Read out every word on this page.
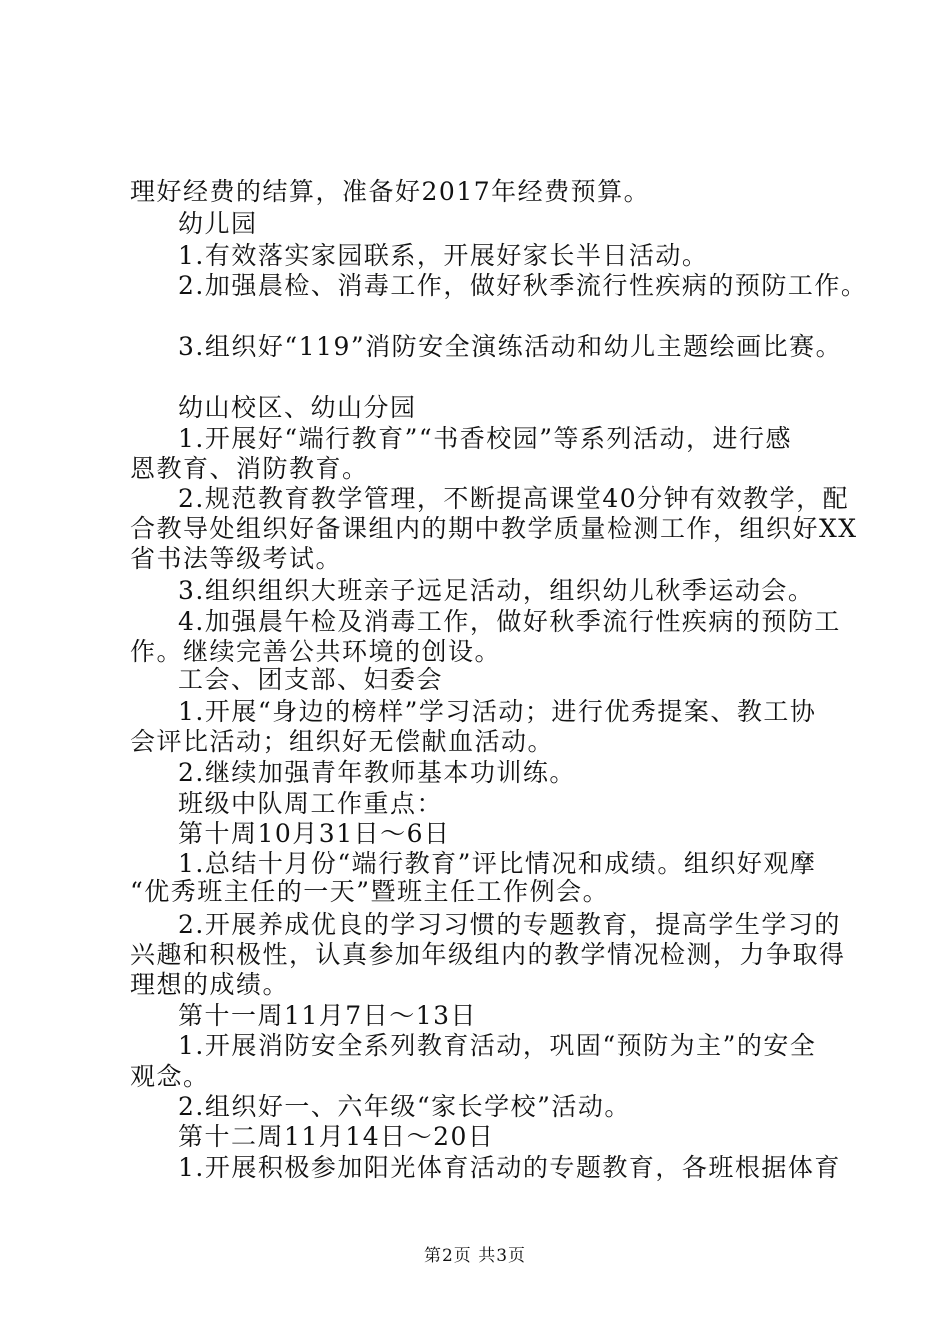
理好经费的结算，准备好2017年经费预算。
幼儿园
1.有效落实家园联系，开展好家长半日活动。
2.加强晨检、消毒工作，做好秋季流行性疾病的预防工作。
3.组织好“119”消防安全演练活动和幼儿主题绘画比赛。
幼山校区、幼山分园
1.开展好“端行教育”“书香校园”等系列活动，进行感
恩教育、消防教育。
2.规范教育教学管理，不断提高课堂40分钟有效教学，配
合教导处组织好备课组内的期中教学质量检测工作，组织好XX
省书法等级考试。
3.组织组织大班亲子远足活动，组织幼儿秋季运动会。
4.加强晨午检及消毒工作，做好秋季流行性疾病的预防工
作。继续完善公共环境的创设。
工会、团支部、妇委会
1.开展“身边的榜样”学习活动；进行优秀提案、教工协
会评比活动；组织好无偿献血活动。
2.继续加强青年教师基本功训练。
班级中队周工作重点：
第十周10月31日～6日
1.总结十月份“端行教育”评比情况和成绩。组织好观摩
“优秀班主任的一天”暨班主任工作例会。
2.开展养成优良的学习习惯的专题教育，提高学生学习的
兴趣和积极性，认真参加年级组内的教学情况检测，力争取得
理想的成绩。
第十一周11月7日～13日
1.开展消防安全系列教育活动，巩固“预防为主”的安全
观念。
2.组织好一、六年级“家长学校”活动。
第十二周11月14日～20日
1.开展积极参加阳光体育活动的专题教育，各班根据体育
第2页 共3页
